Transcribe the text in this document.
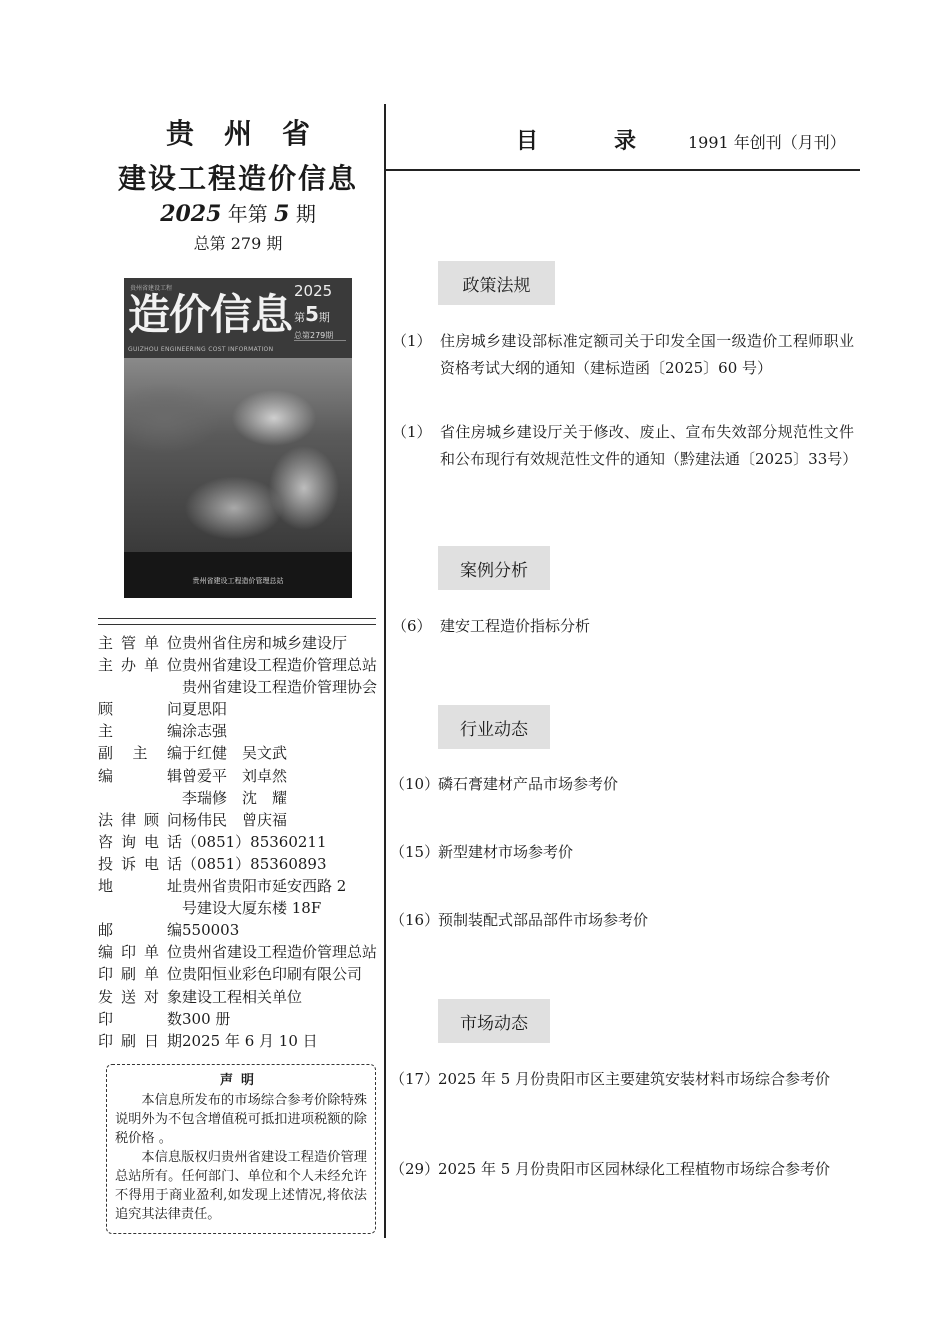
贵州省
建设工程造价信息
2025 年第 5 期
总第 279 期
贵州省建设工程
造价信息
GUIZHOU ENGINEERING COST INFORMATION
2025
第5期
总第279期
贵州省建设工程造价管理总站
主管单位 贵州省住房和城乡建设厅
主办单位 贵州省建设工程造价管理总站
贵州省建设工程造价管理协会
顾　　问 夏思阳
主　　编 涂志强
副 主 编 于红健　吴文武
编　　辑 曾爱平　刘卓然
李瑞修　沈　耀
法律顾问 杨伟民　曾庆福
咨询电话 （0851）85360211
投诉电话 （0851）85360893
地　　址 贵州省贵阳市延安西路 2
号建设大厦东楼 18F
邮　　编 550003
编印单位 贵州省建设工程造价管理总站
印刷单位 贵阳恒业彩色印刷有限公司
发送对象 建设工程相关单位
印　　数 300 册
印刷日期 2025 年 6 月 10 日
声明

本信息所发布的市场综合参考价除特殊说明外为不包含增值税可抵扣进项税额的除税价格 。

本信息版权归贵州省建设工程造价管理总站所有。任何部门、单位和个人未经允许不得用于商业盈利,如发现上述情况,将依法追究其法律责任。

目	录	1991 年创刊（月刊）
政策法规
（1） 住房城乡建设部标准定额司关于印发全国一级造价工程师职业资格考试大纲的通知（建标造函〔2025〕60 号）
（1） 省住房城乡建设厅关于修改、废止、宣布失效部分规范性文件和公布现行有效规范性文件的通知（黔建法通〔2025〕33号）
案例分析
（6） 建安工程造价指标分析
行业动态
（10）
磷石膏建材产品市场参考价
（15）
新型建材市场参考价
（16）
预制装配式部品部件市场参考价
市场动态
（17）
2025 年 5 月份贵阳市区主要建筑安装材料市场综合参考价
（29）
2025 年 5 月份贵阳市区园林绿化工程植物市场综合参考价
